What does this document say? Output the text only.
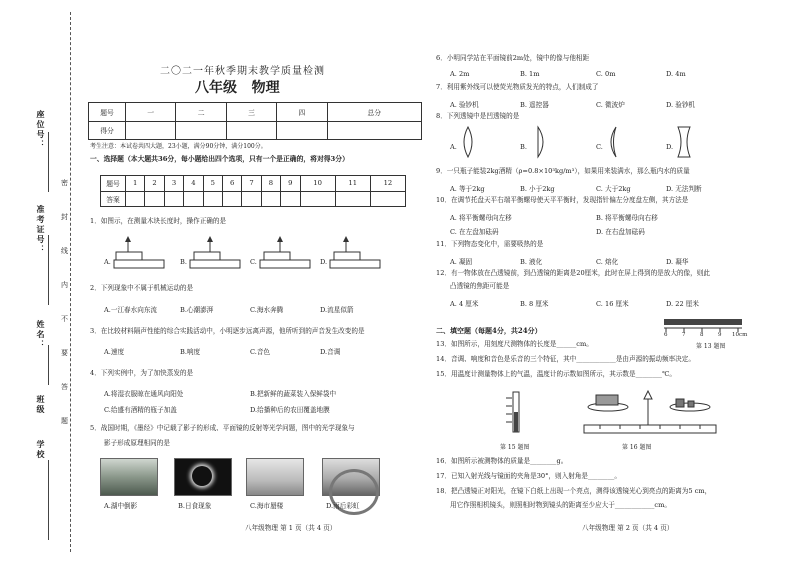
座位号：
准考证号：
姓名：
班级
学校
密
封
线
内
不
要
答
题
二〇二一年秋季期末教学质量检测
八年级   物理
题号	一	二	三	四	总分
得分					
考生注意：本试卷共四大题，23小题，满分90分钟，满分100分。
一、选择题（本大题共36分，每小题给出四个选项，只有一个是正确的，将对得3分）
题号	1	2	3	4	5	6	7	8	9	10	11	12
答案												
1．如图示，在测量木块长度时，操作正确的是
A.	B.	C.	D.
2．下列现象中不属于机械运动的是
A.一江春水向东流	B.心潮澎湃	C.海水奔腾	D.流星似箭
3．在比较材料隔声性能的综合实践活动中，小明逐步远离声源，他所听到的声音发生改变的是
A.速度	B.响度	C.音色	D.音调
4．下列实例中，为了加快蒸发的是
A.将湿衣服晾在通风向阳处	B.把新鲜的蔬菜装入保鲜袋中
C.给盛有酒精的瓶子加盖	D.给播种后的农田覆盖地膜
5．战国时期，《墨经》中记载了影子的形成、平面镜的反射等光学问题，图中的光学现象与
影子形成原理相同的是
A.湖中倒影	B.日食现象	C.海市蜃楼	D.雨后彩虹
八年级物理 第 1 页（共 4 页）
6．小明同学站在平面镜前2m处，镜中的像与他相距
A. 2m	B. 1m	C. 0m	D. 4m
7．利用紫外线可以使荧光物质发光的特点，人们制成了
A. 验钞机	B. 遥控器	C. 微波炉	D. 验钞机
8．下列透镜中是凹透镜的是
A.	B.	C.	D.
9．一只瓶子能装2kg酒精（ρ=0.8×10³kg/m³），如果用来装满水，那么瓶内水的质量
A. 等于2kg	B. 小于2kg	C. 大于2kg	D. 无法判断
10．在调节托盘天平右端平衡螺母使天平平衡时，发现指针偏左分度盘左侧，其方法是
A. 将平衡螺母向左移	B. 将平衡螺母向右移
C. 在左盘加砝码	D. 在右盘加砝码
11．下列物态变化中，需要吸热的是
A. 凝固	B. 液化	C. 熔化	D. 凝华
12．有一物体放在凸透镜前，到凸透镜的距离是20厘米，此时在屏上得到的是放大的像，则此
凸透镜的焦距可能是
A. 4 厘米	B. 8 厘米	C. 16 厘米	D. 22 厘米
二、填空题（每题4分，共24分）	6	7	8	9 10cm
13．如图所示，用刻度尺测物体的长度是______cm。	第 13 题图
14．音调、响度和音色是乐音的三个特征，其中____________是由声源的振动频率决定。
15．用温度计测量物体上的气温，温度计的示数如图所示，其示数是________℃。
第 15 题图	第 16 题图
16．如图所示被测物体的质量是________g。
17．已知入射光线与镜面的夹角是30°，则入射角是________。
18．把凸透镜正对阳光，在镜下白纸上出现一个亮点，测得该透镜光心到亮点的距离为5 cm，
用它作照相机镜头，则照相时物到镜头的距离至少应大于____________cm。
八年级物理 第 2 页（共 4 页）
